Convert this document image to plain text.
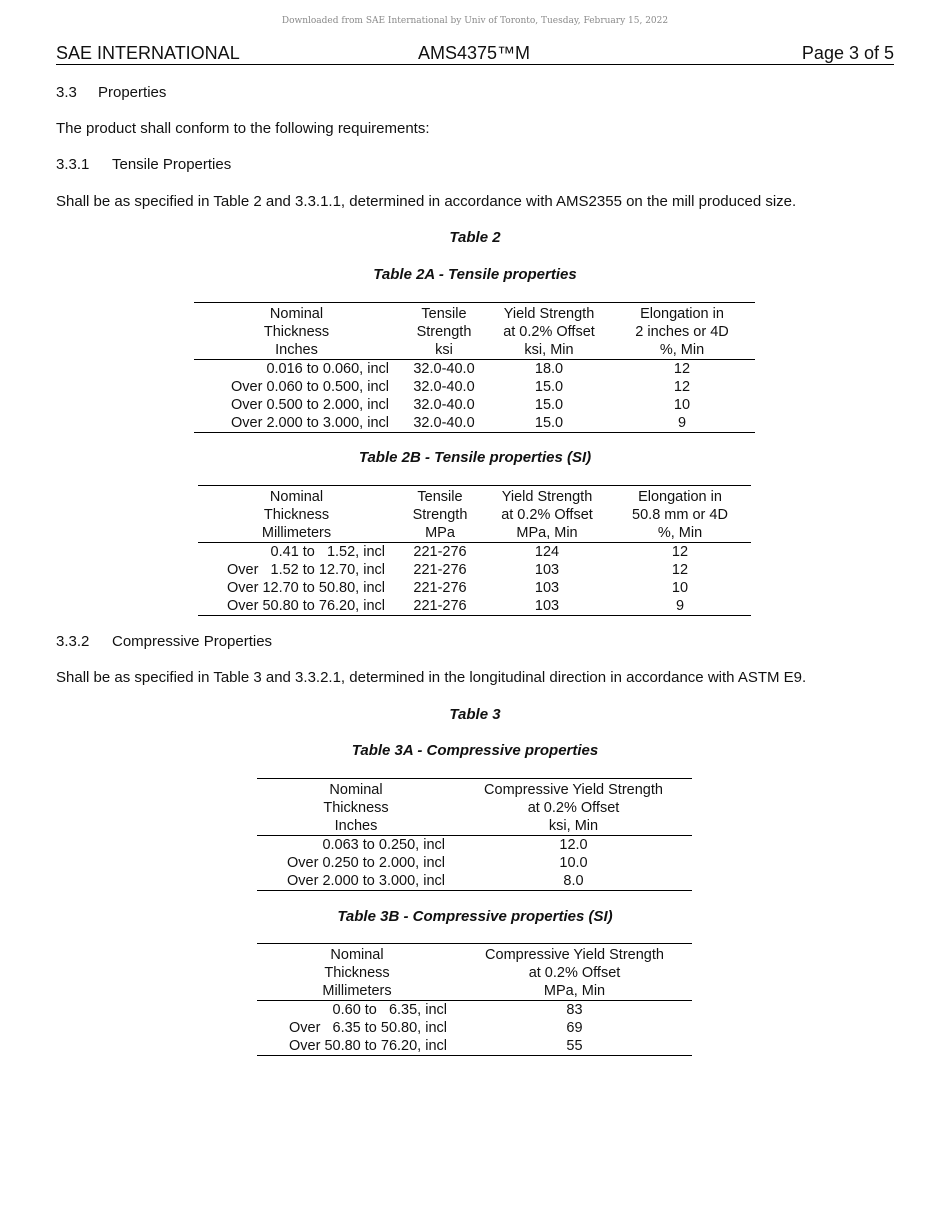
Downloaded from SAE International by Univ of Toronto, Tuesday, February 15, 2022
SAE INTERNATIONAL	AMS4375™M	Page 3 of 5
3.3 Properties
The product shall conform to the following requirements:
3.3.1 Tensile Properties
Shall be as specified in Table 2 and 3.3.1.1, determined in accordance with AMS2355 on the mill produced size.
Table 2
Table 2A - Tensile properties
Nominal	Tensile	Yield Strength	Elongation in
Thickness	Strength	at 0.2% Offset	2 inches or 4D
Inches	ksi	ksi, Min	%, Min
0.016 to 0.060, incl	32.0-40.0	18.0	12
Over 0.060 to 0.500, incl	32.0-40.0	15.0	12
Over 0.500 to 2.000, incl	32.0-40.0	15.0	10
Over 2.000 to 3.000, incl	32.0-40.0	15.0	9
Table 2B - Tensile properties (SI)
Nominal	Tensile	Yield Strength	Elongation in
Thickness	Strength	at 0.2% Offset	50.8 mm or 4D
Millimeters	MPa	MPa, Min	%, Min
0.41 to   1.52, incl	221-276	124	12
Over   1.52 to 12.70, incl	221-276	103	12
Over 12.70 to 50.80, incl	221-276	103	10
Over 50.80 to 76.20, incl	221-276	103	9
3.3.2 Compressive Properties
Shall be as specified in Table 3 and 3.3.2.1, determined in the longitudinal direction in accordance with ASTM E9.
Table 3
Table 3A - Compressive properties
Nominal	Compressive Yield Strength
Thickness	at 0.2% Offset
Inches	ksi, Min
0.063 to 0.250, incl	12.0
Over 0.250 to 2.000, incl	10.0
Over 2.000 to 3.000, incl	8.0
Table 3B - Compressive properties (SI)
Nominal	Compressive Yield Strength
Thickness	at 0.2% Offset
Millimeters	MPa, Min
0.60 to   6.35, incl	83
Over   6.35 to 50.80, incl	69
Over 50.80 to 76.20, incl	55
